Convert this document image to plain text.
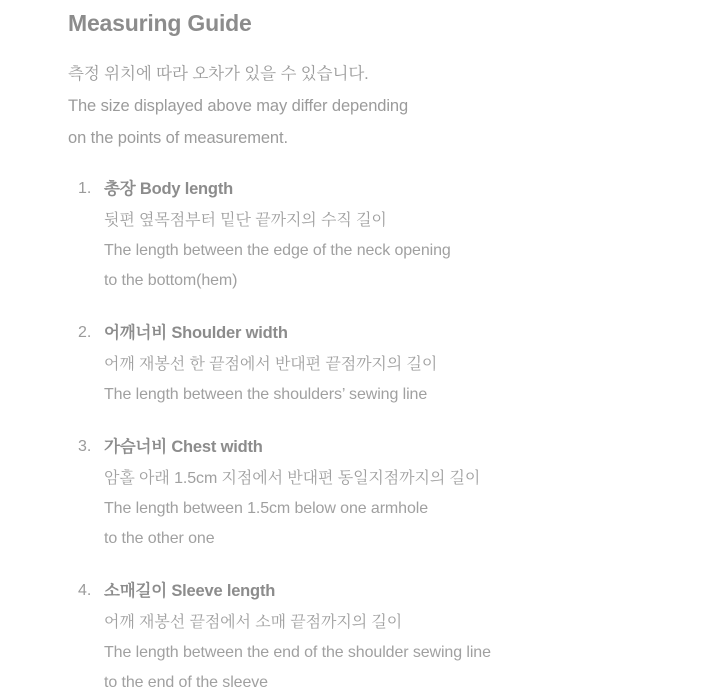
Measuring Guide
측정 위치에 따라 오차가 있을 수 있습니다.
The size displayed above may differ depending
on the points of measurement.
1. 총장 Body length
뒷편 옆목점부터 밑단 끝까지의 수직 길이
The length between the edge of the neck opening
to the bottom(hem)
2. 어깨너비 Shoulder width
어깨 재봉선 한 끝점에서 반대편 끝점까지의 길이
The length between the shoulders’ sewing line
3. 가슴너비 Chest width
암홀 아래 1.5cm 지점에서 반대편 동일지점까지의 길이
The length between 1.5cm below one armhole
to the other one
4. 소매길이 Sleeve length
어깨 재봉선 끝점에서 소매 끝점까지의 길이
The length between the end of the shoulder sewing line
to the end of the sleeve
